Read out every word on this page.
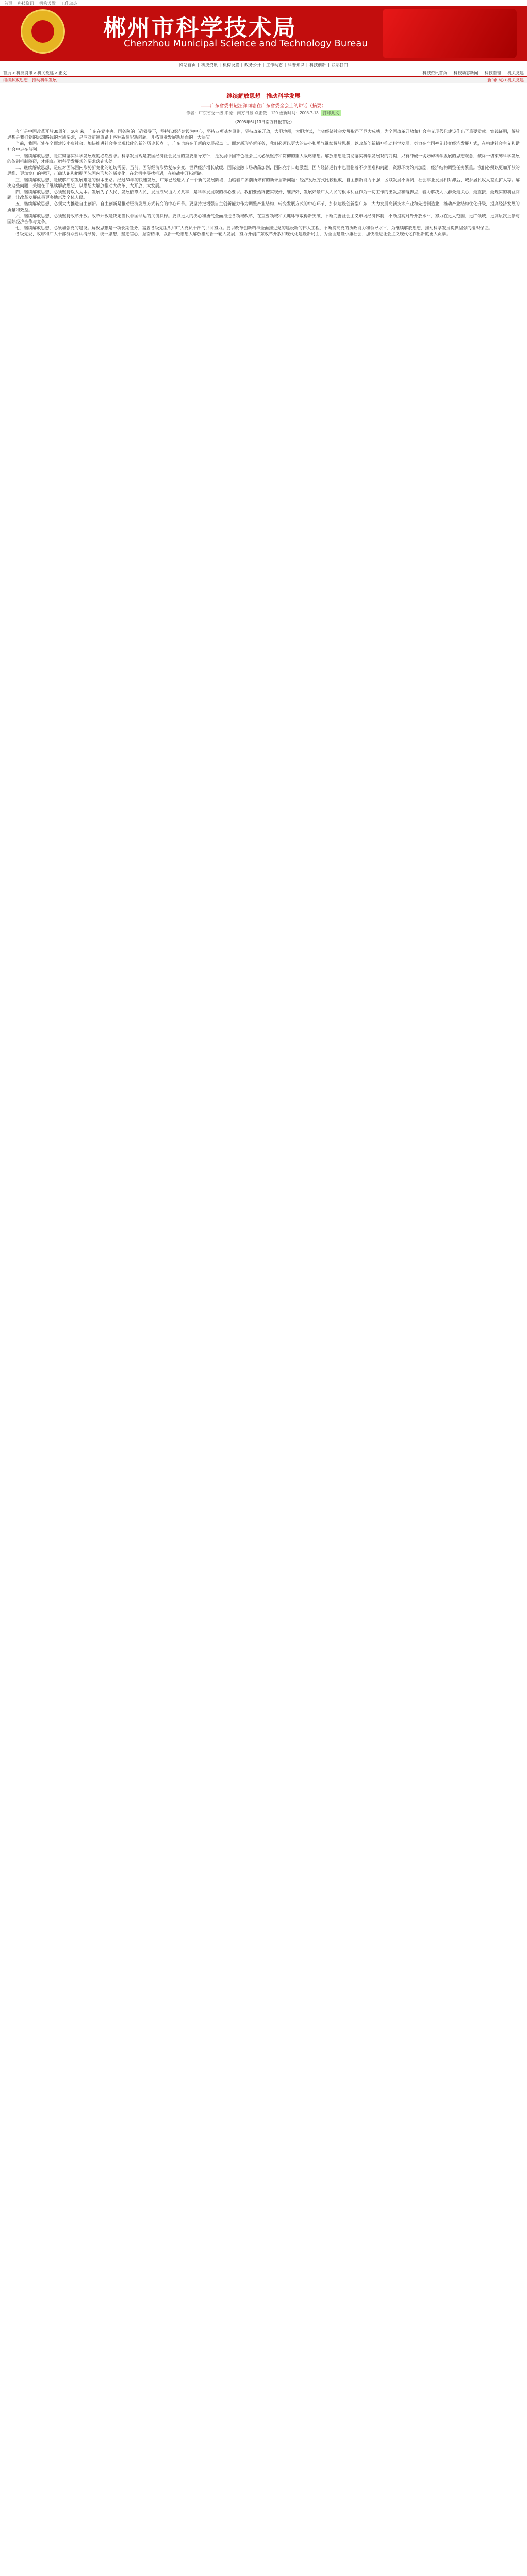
首页 科技资讯 机构设置 工作动态
郴州市科学技术局
Chenzhou Municipal Science and Technology Bureau
网站首页 | 科技资讯 | 机构设置 | 政务公开 | 工作动态 | 科普知识 | 科技创新 | 联系我们
首页 > 科技资讯 > 机关党建 > 正文	科技资讯首页 科技动态新闻 科技管理 机关党建
继续解放思想　推动科学发展	新闻中心 / 机关党建
继续解放思想　推动科学发展
——广东省委书记汪洋同志在广东省委全会上的讲话（摘要）
作者：广东省委一级 来源：南方日报 点击数：120 更新时间：2008-7-13 打印此文
（2008年6月13日南方日报首版）

今年是中国改革开放30周年。30年来，广东在党中央、国务院的正确领导下，坚持以经济建设为中心，坚持四项基本原则，坚持改革开放，大胆地闯，大胆地试，全省经济社会发展取得了巨大成就，为全国改革开放和社会主义现代化建设作出了重要贡献。实践证明，解放思想是我们党的思想路线的本质要求，是应对前进道路上各种新情况新问题、开拓事业发展新局面的一大法宝。

当前，我国正处在全面建设小康社会、加快推进社会主义现代化的新的历史起点上，广东也站在了新的发展起点上。面对新形势新任务，我们必须以更大的决心和勇气继续解放思想，以改革创新精神推动科学发展，努力在全国率先转变经济发展方式，在构建社会主义和谐社会中走在前列。

一、继续解放思想，是贯彻落实科学发展观的必然要求。科学发展观是我国经济社会发展的重要指导方针，是发展中国特色社会主义必须坚持和贯彻的重大战略思想。解放思想是贯彻落实科学发展观的前提，只有冲破一切妨碍科学发展的思想观念，破除一切束缚科学发展的体制机制障碍，才能真正把科学发展观的要求落到实处。

二、继续解放思想，是应对国际国内形势新变化的迫切需要。当前，国际经济形势复杂多变，世界经济增长放缓，国际金融市场动荡加剧，国际竞争日趋激烈。国内经济运行中也面临着不少困难和问题，资源环境约束加剧，经济结构调整任务繁重。我们必须以更加开放的思维、更加宽广的视野，正确认识和把握国际国内形势的新变化，在危机中寻找机遇，在挑战中开拓新路。

三、继续解放思想，是破解广东发展难题的根本出路。经过30年的快速发展，广东已经进入了一个新的发展阶段，面临着许多前所未有的新矛盾新问题：经济发展方式比较粗放，自主创新能力不强，区域发展不协调，社会事业发展相对滞后，城乡居民收入差距扩大等。解决这些问题，关键在于继续解放思想，以思想大解放推动大改革、大开放、大发展。

四、继续解放思想，必须坚持以人为本。发展为了人民、发展依靠人民、发展成果由人民共享，是科学发展观的核心要求。我们要始终把实现好、维护好、发展好最广大人民的根本利益作为一切工作的出发点和落脚点，着力解决人民群众最关心、最直接、最现实的利益问题，让改革发展成果更多地惠及全体人民。

五、继续解放思想，必须大力推进自主创新。自主创新是推动经济发展方式转变的中心环节。要坚持把增强自主创新能力作为调整产业结构、转变发展方式的中心环节，加快建设创新型广东，大力发展高新技术产业和先进制造业，推动产业结构优化升级，提高经济发展的质量和效益。

六、继续解放思想，必须坚持改革开放。改革开放是决定当代中国命运的关键抉择。要以更大的决心和勇气全面推进各领域改革，在重要领域和关键环节取得新突破，不断完善社会主义市场经济体制，不断提高对外开放水平，努力在更大范围、更广领域、更高层次上参与国际经济合作与竞争。

七、继续解放思想，必须加强党的建设。解放思想是一项长期任务，需要各级党组织和广大党员干部的共同努力。要以改革创新精神全面推进党的建设新的伟大工程，不断提高党的执政能力和领导水平，为继续解放思想、推动科学发展提供坚强的组织保证。

各级党委、政府和广大干部群众要认清形势，统一思想，坚定信心，振奋精神，以新一轮思想大解放推动新一轮大发展，努力开创广东改革开放和现代化建设新局面，为全面建设小康社会、加快推进社会主义现代化作出新的更大贡献。
